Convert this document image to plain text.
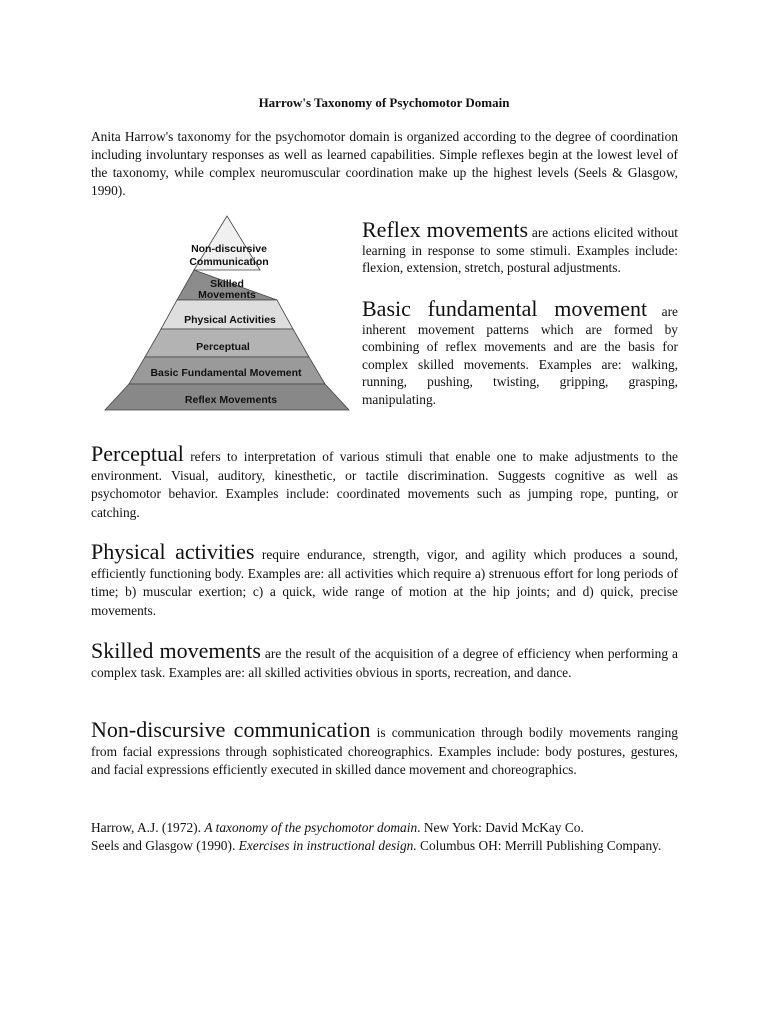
Harrow's Taxonomy of Psychomotor Domain
Anita Harrow's taxonomy for the psychomotor domain is organized according to the degree of coordination including involuntary responses as well as learned capabilities. Simple reflexes begin at the lowest level of the taxonomy, while complex neuromuscular coordination make up the highest levels (Seels & Glasgow, 1990).
Non-discursive
Communication
Skilled
Movements
Physical Activities
Perceptual
Basic Fundamental Movement
Reflex Movements
Reflex movements are actions elicited without learning in response to some stimuli. Examples include: flexion, extension, stretch, postural adjustments.
Basic fundamental movement are inherent movement patterns which are formed by combining of reflex movements and are the basis for complex skilled movements. Examples are: walking, running, pushing, twisting, gripping, grasping, manipulating.
Perceptual refers to interpretation of various stimuli that enable one to make adjustments to the environment. Visual, auditory, kinesthetic, or tactile discrimination. Suggests cognitive as well as psychomotor behavior. Examples include: coordinated movements such as jumping rope, punting, or catching.
Physical activities require endurance, strength, vigor, and agility which produces a sound, efficiently functioning body. Examples are: all activities which require a) strenuous effort for long periods of time; b) muscular exertion; c) a quick, wide range of motion at the hip joints; and d) quick, precise movements.
Skilled movements are the result of the acquisition of a degree of efficiency when performing a complex task. Examples are: all skilled activities obvious in sports, recreation, and dance.
Non-discursive communication is communication through bodily movements ranging from facial expressions through sophisticated choreographics. Examples include: body postures, gestures, and facial expressions efficiently executed in skilled dance movement and choreographics.

Harrow, A.J. (1972). A taxonomy of the psychomotor domain. New York: David McKay Co.

Seels and Glasgow (1990). Exercises in instructional design. Columbus OH: Merrill Publishing Company.
